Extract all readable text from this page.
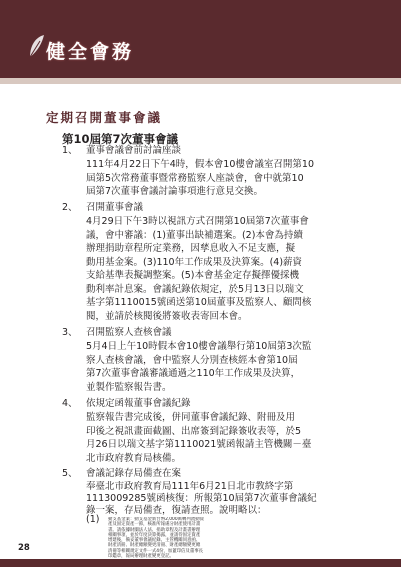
健全會務
定期召開董事會議
第10屆第7次董事會議
1、 董事會議會前討論座談
111年4月22日下午4時，假本會10樓會議室召開第10
屆第5次常務董事暨常務監察人座談會，會中就第10
屆第7次董事會議討論事項進行意見交換。
2、 召開董事會議
4月29日下午3時以視訊方式召開第10屆第7次董事會
議，會中審議：(1)董事出缺補選案。(2)本會為持續
辦理捐助章程所定業務，因孳息收入不足支應，擬
動用基金案。(3)110年工作成果及決算案。(4)薪資
支給基準表擬調整案。(5)本會基金定存擬擇優採機
動利率計息案。會議紀錄依規定，於5月13日以瑞文
基字第1110015號函送第10屆董事及監察人、顧問核
閱，並請於核閱後將簽收表寄回本會。
3、 召開監察人查核會議
5月4日上午10時假本會10樓會議舉行第10屆第3次監
察人查核會議，會中監察人分別查核經本會第10屆
第7次董事會議審議通過之110年工作成果及決算，
並製作監察報告書。
4、 依規定函報董事會議紀錄
監察報告書完成後，併同董事會議紀錄、附冊及用
印後之視訊畫面截圖、出席簽到記錄簽收表等，於5
月26日以瑞文基字第1110021號函報請主管機關－臺
北市政府教育局核備。
5、 會議記錄存局備查在案
奉臺北市政府教育局111年6月21日北市教終字第
1113009285號函核復：所報第10屆第7次董事會議紀
錄一案，存局備查，復請查照。說明略以：
(1) 動支基金案：動支基金新台幣2,000萬轉列流動資
產及固定資產一節，核准所報處分財產使用計畫
書。請依據財團法人法、捐助章程及計畫書辦理
相關事項，並於年度決算揭露，並請待固定資產
增建後，備妥董事會議紀錄、主管機關同意函、
財產清冊、財產總額變更清冊、財產總額變更總
清冊等相關規定文件一式4份，加蓋印信及董事長
印鑑章，報局辦理財產變更登記。
28
